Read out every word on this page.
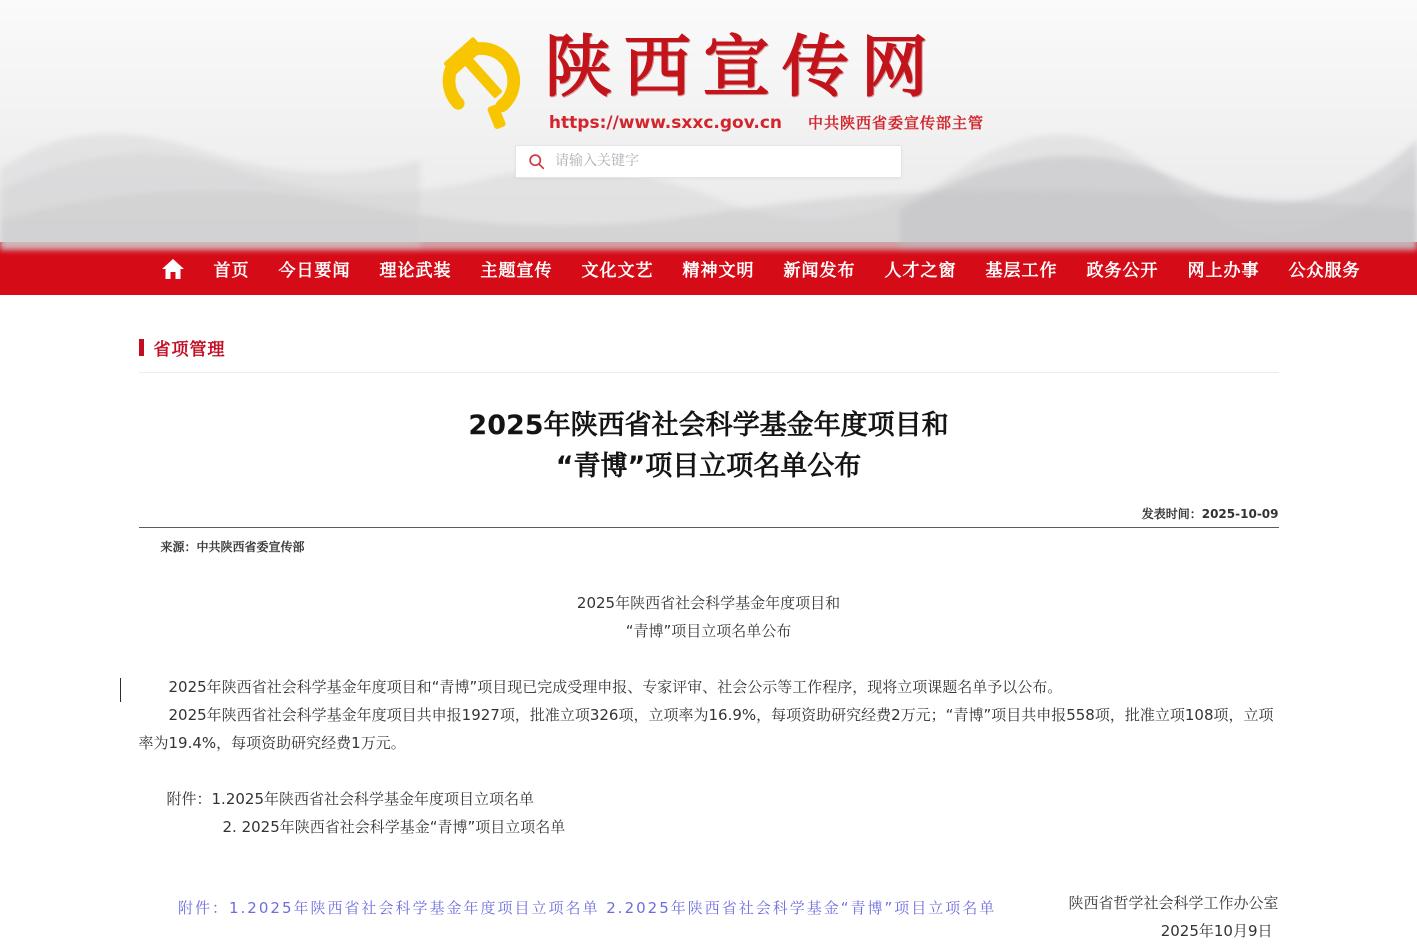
陕西宣传网
https://www.sxxc.gov.cn 中共陕西省委宣传部主管
请输入关键字
首页 今日要闻 理论武装 主题宣传 文化文艺 精神文明 新闻发布 人才之窗 基层工作 政务公开 网上办事 公众服务
省项管理
2025年陕西省社会科学基金年度项目和
“青博”项目立项名单公布
发表时间：2025-10-09
来源：中共陕西省委宣传部
2025年陕西省社会科学基金年度项目和
“青博”项目立项名单公布
2025年陕西省社会科学基金年度项目和“青博”项目现已完成受理申报、专家评审、社会公示等工作程序，现将立项课题名单予以公布。
2025年陕西省社会科学基金年度项目共申报1927项，批准立项326项，立项率为16.9%，每项资助研究经费2万元；“青博”项目共申报558项，批准立项108项，立项率为19.4%，每项资助研究经费1万元。
附件：1.2025年陕西省社会科学基金年度项目立项名单
2. 2025年陕西省社会科学基金“青博”项目立项名单
陕西省哲学社会科学工作办公室
2025年10月9日
附件：1.2025年陕西省社会科学基金年度项目立项名单 2.2025年陕西省社会科学基金“青博”项目立项名单
